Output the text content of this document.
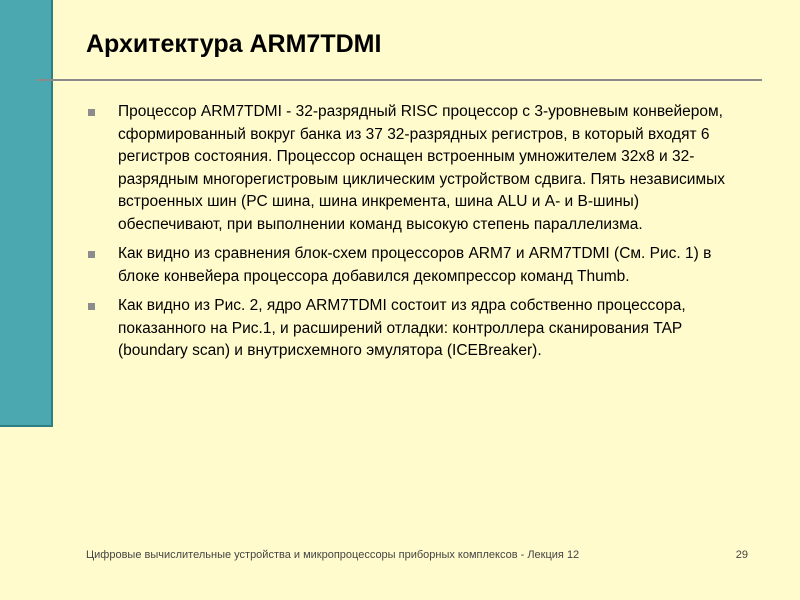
Архитектура ARM7TDMI
Процессор ARM7TDMI - 32-разрядный RISC процессор с 3-уровневым конвейером, сформированный вокруг банка из 37 32-разрядных регистров, в который входят 6 регистров состояния. Процессор оснащен встроенным умножителем 32х8 и 32-разрядным многорегистровым циклическим устройством сдвига. Пять независимых встроенных шин (PC шина, шина инкремента, шина ALU и A- и B-шины) обеспечивают, при выполнении команд высокую степень параллелизма.
Как видно из сравнения блок-схем процессоров ARM7 и ARM7TDMI (См. Рис. 1) в блоке конвейера процессора добавился декомпрессор команд Thumb.
Как видно из Рис. 2, ядро ARM7TDMI состоит из ядра собственно процессора, показанного на Рис.1, и расширений отладки: контроллера сканирования TAP (boundary scan) и внутрисхемного эмулятора (ICEBreaker).
Цифровые вычислительные устройства и микропроцессоры приборных комплексов - Лекция 12	29
